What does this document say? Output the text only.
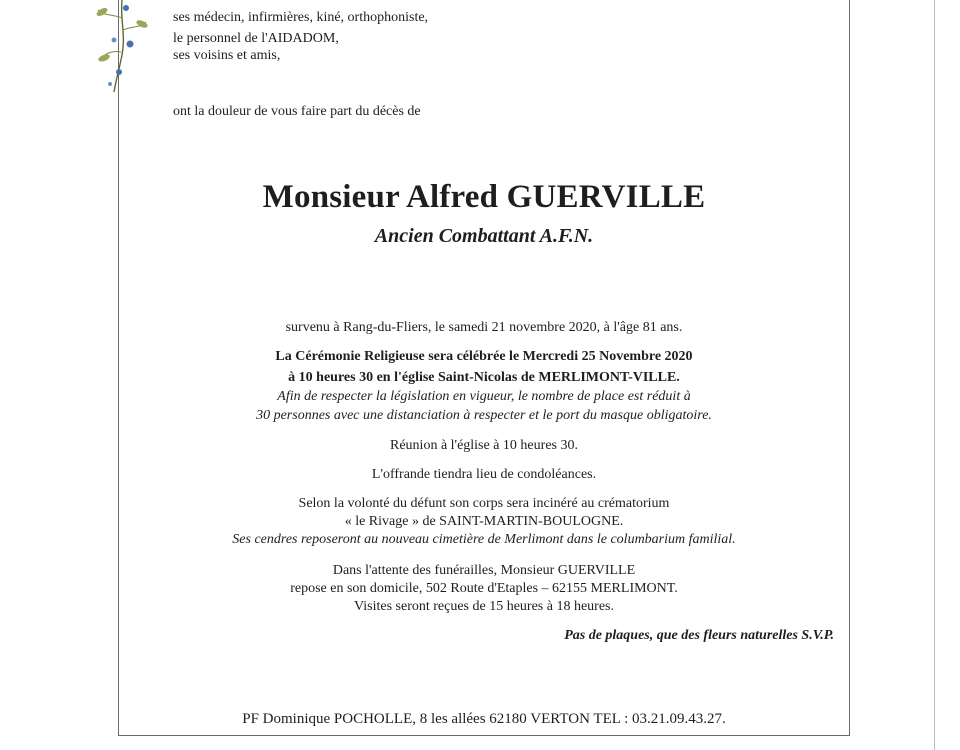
ses médecin, infirmières, kiné, orthophoniste,
le personnel de l'AIDADOM,
ses voisins et amis,
ont la douleur de vous faire part du décès de
Monsieur Alfred GUERVILLE
Ancien Combattant A.F.N.
survenu à Rang-du-Fliers, le samedi 21 novembre 2020, à l'âge 81 ans.
La Cérémonie Religieuse sera célébrée le Mercredi 25 Novembre 2020
à 10 heures 30 en l'église Saint-Nicolas de MERLIMONT-VILLE.
Afin de respecter la législation en vigueur, le nombre de place est réduit à
30 personnes avec une distanciation à respecter et le port du masque obligatoire.
Réunion à l'église à 10 heures 30.
L'offrande tiendra lieu de condoléances.
Selon la volonté du défunt son corps sera incinéré au crématorium
« le Rivage » de SAINT-MARTIN-BOULOGNE.
Ses cendres reposeront au nouveau cimetière de Merlimont dans le columbarium familial.
Dans l'attente des funérailles, Monsieur GUERVILLE
repose en son domicile, 502 Route d'Etaples – 62155 MERLIMONT.
Visites seront reçues de 15 heures à 18 heures.
Pas de plaques, que des fleurs naturelles S.V.P.
PF Dominique POCHOLLE, 8 les allées 62180 VERTON TEL : 03.21.09.43.27.
